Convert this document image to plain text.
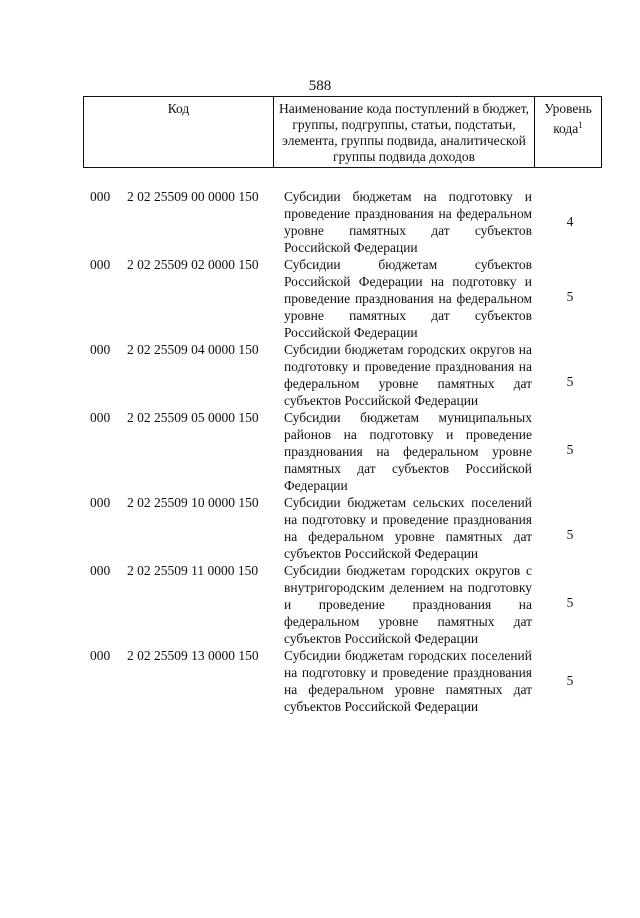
588
Код	Наименование кода поступлений в бюджет, группы, подгруппы, статьи, подстатьи, элемента, группы подвида, аналитической группы подвида доходов
Уровень кода$^1$
000 2 02 25509 00 0000 150 Субсидии бюджетам на подготовку и проведение празднования на федеральном уровне памятных дат субъектов Российской Федерации
4
000 2 02 25509 02 0000 150 Субсидии бюджетам субъектов Российской Федерации на подготовку и проведение празднования на федеральном уровне памятных дат субъектов Российской Федерации
5
000 2 02 25509 04 0000 150 Субсидии бюджетам городских округов на подготовку и проведение празднования на федеральном уровне памятных дат субъектов Российской Федерации
5
000 2 02 25509 05 0000 150 Субсидии бюджетам муниципальных районов на подготовку и проведение празднования на федеральном уровне памятных дат субъектов Российской Федерации
5
000 2 02 25509 10 0000 150 Субсидии бюджетам сельских поселений на подготовку и проведение празднования на федеральном уровне памятных дат субъектов Российской Федерации
5
000 2 02 25509 11 0000 150 Субсидии бюджетам городских округов с внутригородским делением на подготовку и проведение празднования на федеральном уровне памятных дат субъектов Российской Федерации
5
000 2 02 25509 13 0000 150 Субсидии бюджетам городских поселений на подготовку и проведение празднования на федеральном уровне памятных дат субъектов Российской Федерации
5
